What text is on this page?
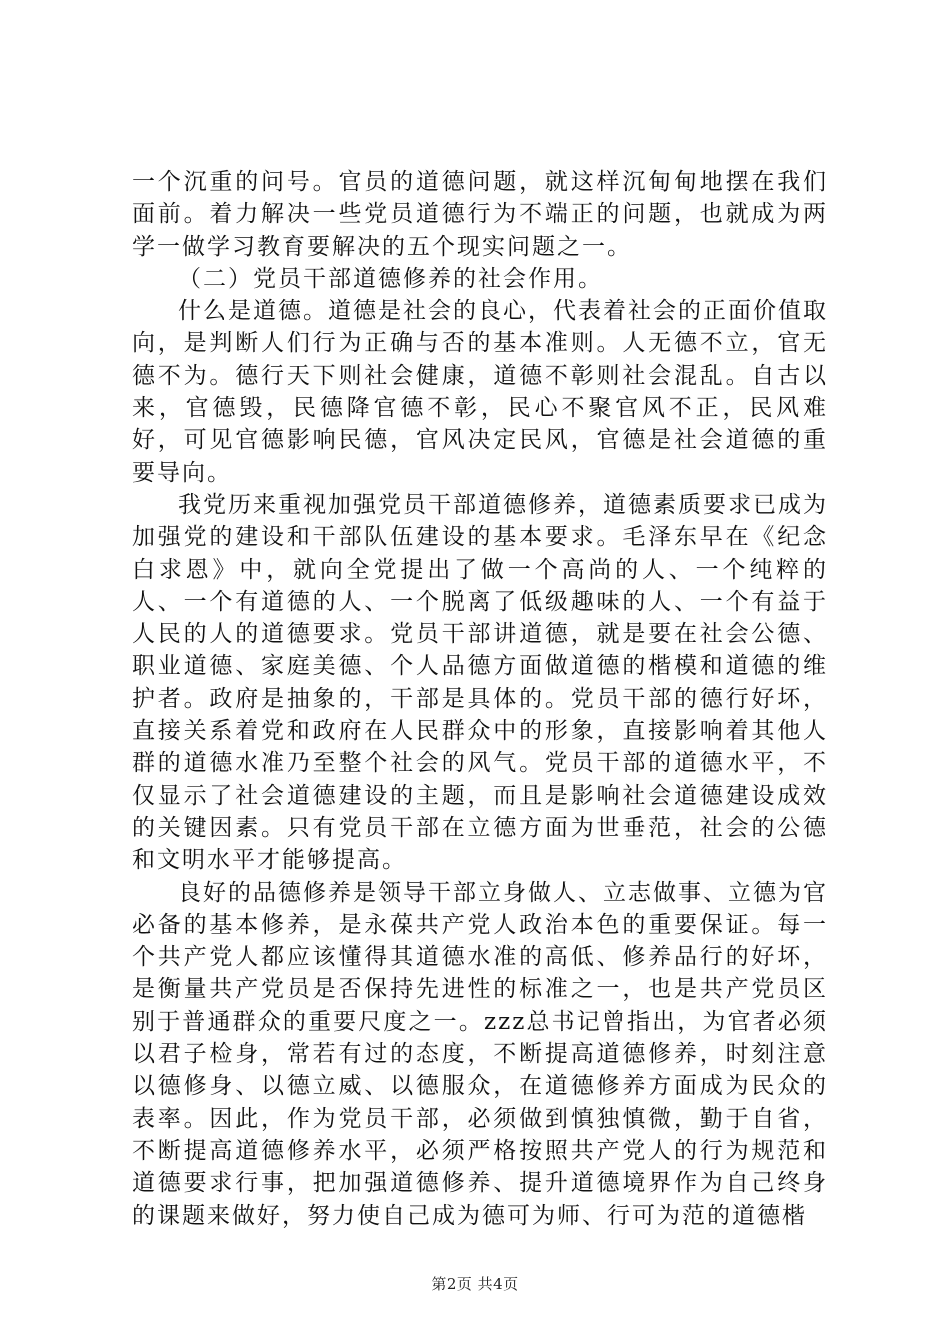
一个沉重的问号。官员的道德问题，就这样沉甸甸地摆在我们面前。着力解决一些党员道德行为不端正的问题，也就成为两学一做学习教育要解决的五个现实问题之一。

（二）党员干部道德修养的社会作用。

什么是道德。道德是社会的良心，代表着社会的正面价值取向，是判断人们行为正确与否的基本准则。人无德不立，官无德不为。德行天下则社会健康，道德不彰则社会混乱。自古以来，官德毁，民德降官德不彰，民心不聚官风不正，民风难好，可见官德影响民德，官风决定民风，官德是社会道德的重要导向。

我党历来重视加强党员干部道德修养，道德素质要求已成为加强党的建设和干部队伍建设的基本要求。毛泽东早在《纪念白求恩》中，就向全党提出了做一个高尚的人、一个纯粹的人、一个有道德的人、一个脱离了低级趣味的人、一个有益于人民的人的道德要求。党员干部讲道德，就是要在社会公德、职业道德、家庭美德、个人品德方面做道德的楷模和道德的维护者。政府是抽象的，干部是具体的。党员干部的德行好坏，直接关系着党和政府在人民群众中的形象，直接影响着其他人群的道德水准乃至整个社会的风气。党员干部的道德水平，不仅显示了社会道德建设的主题，而且是影响社会道德建设成效的关键因素。只有党员干部在立德方面为世垂范，社会的公德和文明水平才能够提高。

良好的品德修养是领导干部立身做人、立志做事、立德为官必备的基本修养，是永葆共产党人政治本色的重要保证。每一个共产党人都应该懂得其道德水准的高低、修养品行的好坏，是衡量共产党员是否保持先进性的标准之一，也是共产党员区别于普通群众的重要尺度之一。zzz总书记曾指出，为官者必须以君子检身，常若有过的态度，不断提高道德修养，时刻注意以德修身、以德立威、以德服众，在道德修养方面成为民众的表率。因此，作为党员干部，必须做到慎独慎微，勤于自省，不断提高道德修养水平，必须严格按照共产党人的行为规范和道德要求行事，把加强道德修养、提升道德境界作为自己终身的课题来做好，努力使自己成为德可为师、行可为范的道德楷

第2页 共4页
